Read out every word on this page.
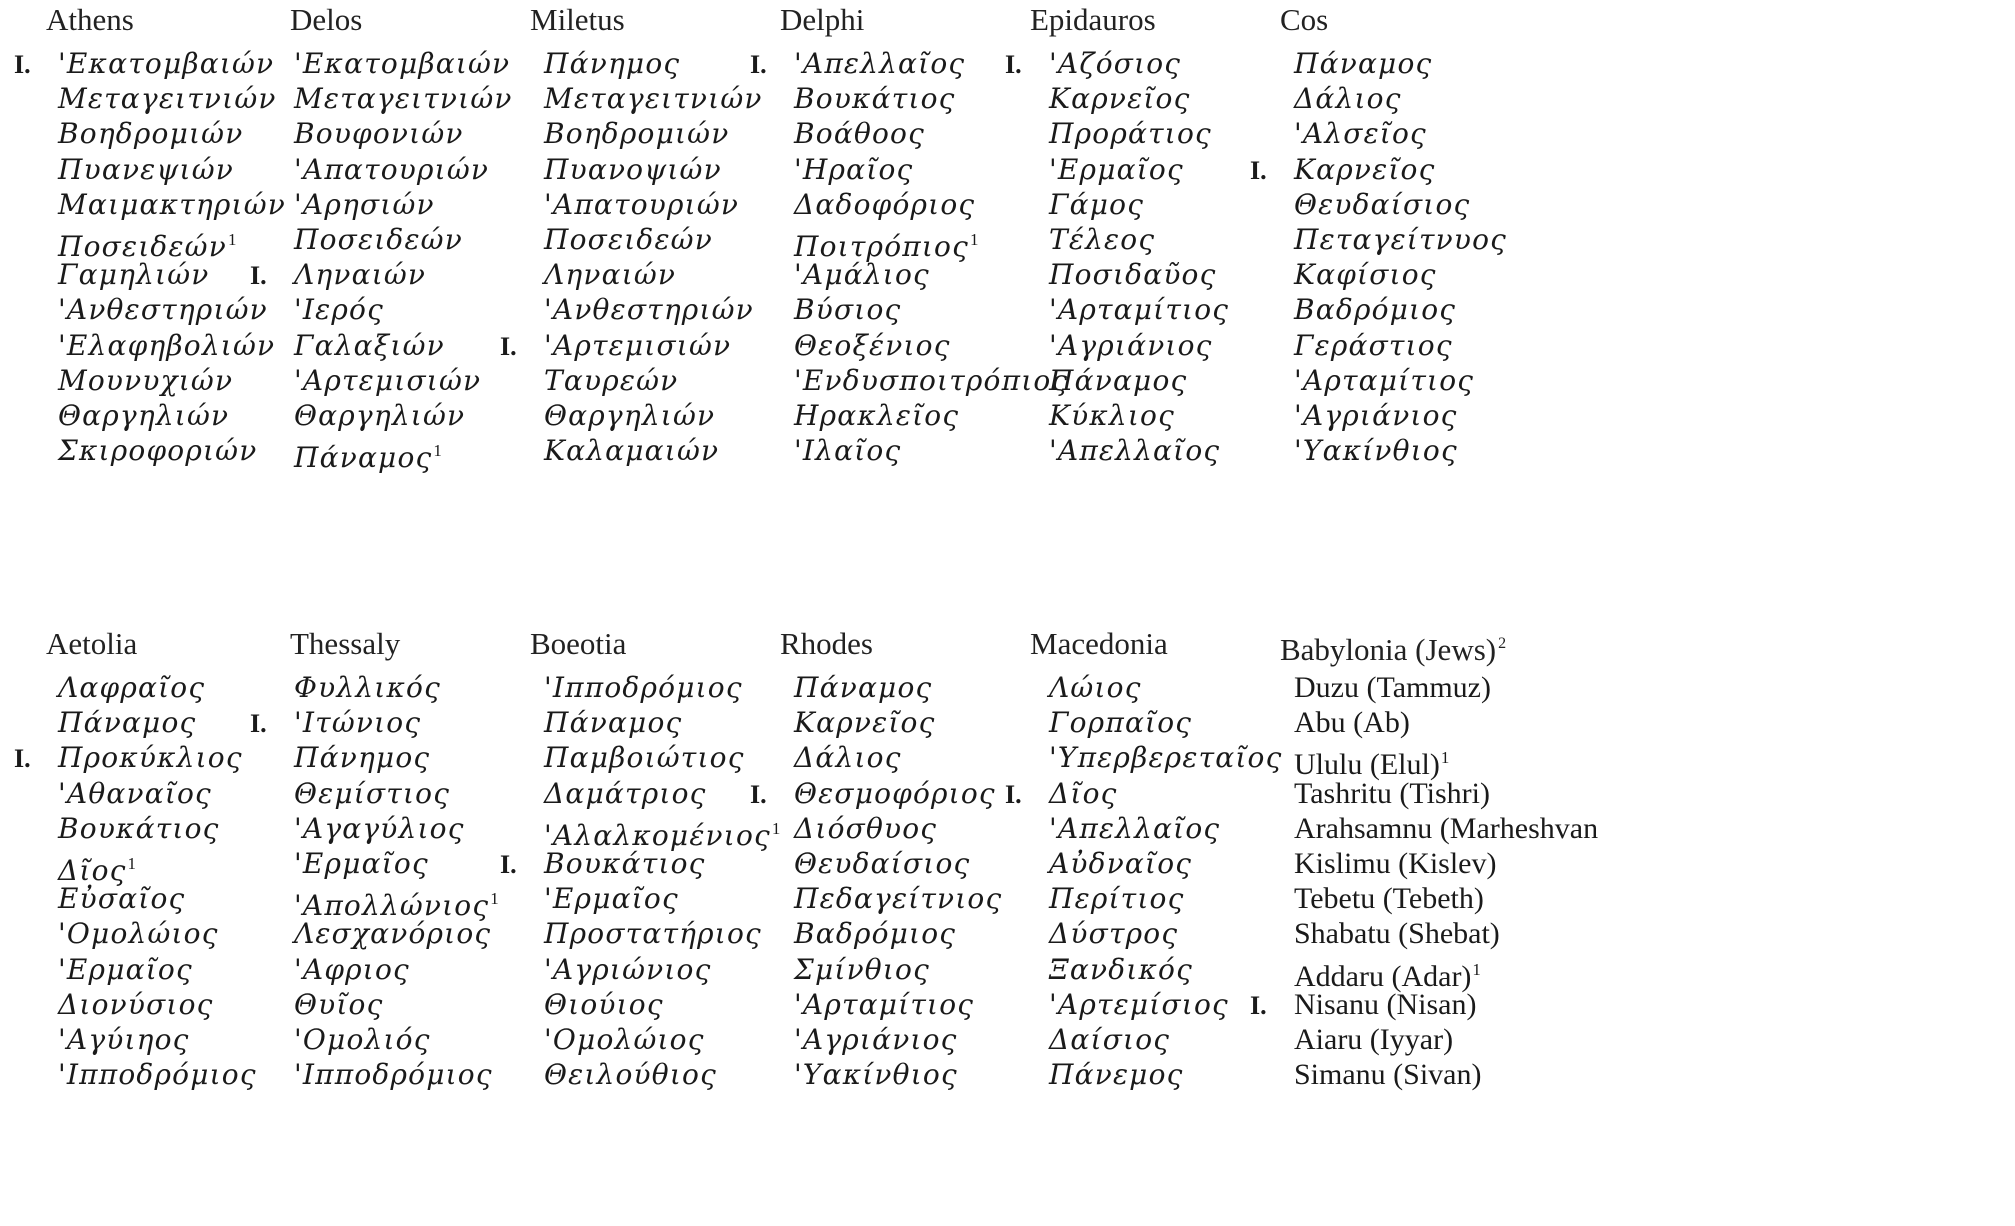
Athens
I. 'Εκατομβαιών
Μεταγειτνιών
Βοηδρομιών
Πυανεψιών
Μαιμακτηριών
Ποσειδεών1
Γαμηλιών
'Ανθεστηριών
'Ελαφηβολιών
Μουνυχιών
Θαργηλιών
Σκιροφοριών
Delos
'Εκατομβαιών
Μεταγειτνιών
Βουφονιών
'Απατουριών
'Αρησιών
Ποσειδεών
I. Ληναιών
'Ιερός
Γαλαξιών
'Αρτεμισιών
Θαργηλιών
Πάναμος1
Miletus
Πάνημος
Μεταγειτνιών
Βοηδρομιών
Πυανοψιών
'Απατουριών
Ποσειδεών
Ληναιών
'Ανθεστηριών
I. 'Αρτεμισιών
Ταυρεών
Θαργηλιών
Καλαμαιών
Delphi
I. 'Απελλαῖος
Βουκάτιος
Βοάθοος
'Ηραῖος
Δαδοφόριος
Ποιτρόπιος1
'Αμάλιος
Βύσιος
Θεοξένιος
'Ενδυσποιτρόπιος
Ηρακλεῖος
'Ιλαῖος
Epidauros
I. 'Αζόσιος
Καρνεῖος
Προράτιος
'Ερμαῖος
Γάμος
Τέλεος
Ποσιδαῦος
'Αρταμίτιος
'Αγριάνιος
Πάναμος
Κύκλιος
'Απελλαῖος
Cos
Πάναμος
Δάλιος
'Αλσεῖος
I. Καρνεῖος
Θευδαίσιος
Πεταγείτνυος
Καφίσιος
Βαδρόμιος
Γεράστιος
'Αρταμίτιος
'Αγριάνιος
'Υακίνθιος
Aetolia
Λαφραῖος
Πάναμος
I. Προκύκλιος
'Αθαναῖος
Βουκάτιος
Δῖος1
Εὐσαῖος
'Ομολώιος
'Ερμαῖος
Διονύσιος
'Αγύιηος
'Ιπποδρόμιος
Thessaly
Φυλλικός
I. 'Ιτώνιος
Πάνημος
Θεμίστιος
'Αγαγύλιος
'Ερμαῖος
'Απολλώνιος1
Λεσχανόριος
'Αφριος
Θυῖος
'Ομολιός
'Ιπποδρόμιος
Boeotia
'Ιπποδρόμιος
Πάναμος
Παμβοιώτιος
Δαμάτριος
'Αλαλκομένιος1
I. Βουκάτιος
'Ερμαῖος
Προστατήριος
'Αγριώνιος
Θιούιος
'Ομολώιος
Θειλούθιος
Rhodes
Πάναμος
Καρνεῖος
Δάλιος
I. Θεσμοφόριος
Διόσθυος
Θευδαίσιος
Πεδαγείτνιος
Βαδρόμιος
Σμίνθιος
'Αρταμίτιος
'Αγριάνιος
'Υακίνθιος
Macedonia
Λώιος
Γορπαῖος
'Υπερβερεταῖος
I. Δῖος
'Απελλαῖος
Αὐδναῖος
Περίτιος
Δύστρος
Ξανδικός
'Αρτεμίσιος
Δαίσιος
Πάνεμος
Babylonia (Jews) $^2$
Duzu (Tammuz)
Abu (Ab)
Ululu (Elul)1
Tashritu (Tishri)
Arahsamnu (Marheshvan
Kislimu (Kislev)
Tebetu (Tebeth)
Shabatu (Shebat)
Addaru (Adar)1
I. Nisanu (Nisan)
Aiaru (Iyyar)
Simanu (Sivan)
